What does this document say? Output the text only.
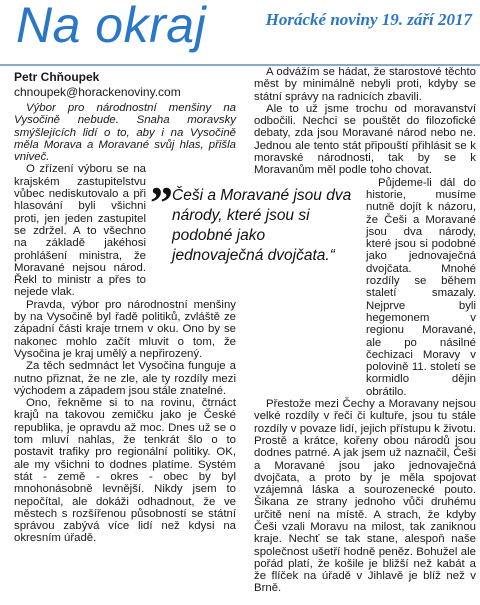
Na okraj	Horácké noviny 19. září 2017
Petr Chňoupek
chnoupek@horackenoviny.com

Výbor pro národnostní menšiny na Vysočině nebude. Snaha moravsky smýšlejících lidí o to, aby i na Vysočině měla Morava a Moravané svůj hlas, přišla vniveč.

O zřízení výboru se na krajském zastupitelstvu vůbec nediskutovalo a při hlasování byli všichni proti, jen jeden zastupitel se zdržel. A to všechno na základě jakéhosi prohlášení ministra, že Moravané nejsou národ. Řekl to ministr a přes to nejede vlak.

Pravda, výbor pro národnostní menšiny by na Vysočině byl řadě politiků, zvláště ze západní části kraje trnem v oku. Ono by se nakonec mohlo začít mluvit o tom, že Vysočina je kraj umělý a nepřirozený.

Za těch sedmnáct let Vysočina funguje a nutno přiznat, že ne zle, ale ty rozdíly mezi východem a západem jsou stále znatelné.

Ono, řekněme si to na rovinu, čtrnáct krajů na takovou zemičku jako je České republika, je opravdu až moc. Dnes už se o tom mluví nahlas, že tenkrát šlo o to postavit trafiky pro regionální politiky. OK, ale my všichni to dodnes platíme. Systém stát - země - okres - obec by byl mnohonásobně levnější. Nikdy jsem to nepočítal, ale dokáži odhadnout, že ve městech s rozšířenou působností se státní správou zabývá více lidí než kdysi na okresním úřadě.

A odvážím se hádat, že starostové těchto měst by minimálně nebyli proti, kdyby se státní správy na radnicích zbavili.

Ale to už jsme trochu od moravanství odbočili. Nechci se pouštět do filozofické debaty, zda jsou Moravané národ nebo ne. Jednou ale tento stát připouští přihlásit se k moravské národnosti, tak by se k Moravanům měl podle toho chovat.

Půjdeme-li dál do historie, musíme nutně dojít k názoru, že Češi a Moravané jsou dva národy, které jsou si podobné jako jednovaječná dvojčata. Mnohé rozdíly se během staletí smazaly. Nejprve byli hegemonem v regionu Moravané, ale po násilné čechizaci Moravy v polovině 11. století se kormidlo dějin obrátilo.

Přestože mezi Čechy a Moravany nejsou velké rozdíly v řeči či kultuře, jsou tu stále rozdíly v povaze lidí, jejich přístupu k životu. Prostě a krátce, kořeny obou národů jsou dodnes patrné. A jak jsem už naznačil, Češi a Moravané jsou jako jednovaječná dvojčata, a proto by je měla spojovat vzájemná láska a sourozenecké pouto. Šikana ze strany jednoho vůči druhému určitě není na místě. A strach, že kdyby Češi vzali Moravu na milost, tak zaniknou kraje. Nechť se tak stane, alespoň naše společnost ušetří hodně peněz. Bohužel ale pořád platí, že košile je bližší než kabát a že flíček na úřadě v Jihlavě je blíž než v Brně.

” Češi a Moravané jsou dva národy, které jsou si podobné jako jednovaječná dvojčata.“
